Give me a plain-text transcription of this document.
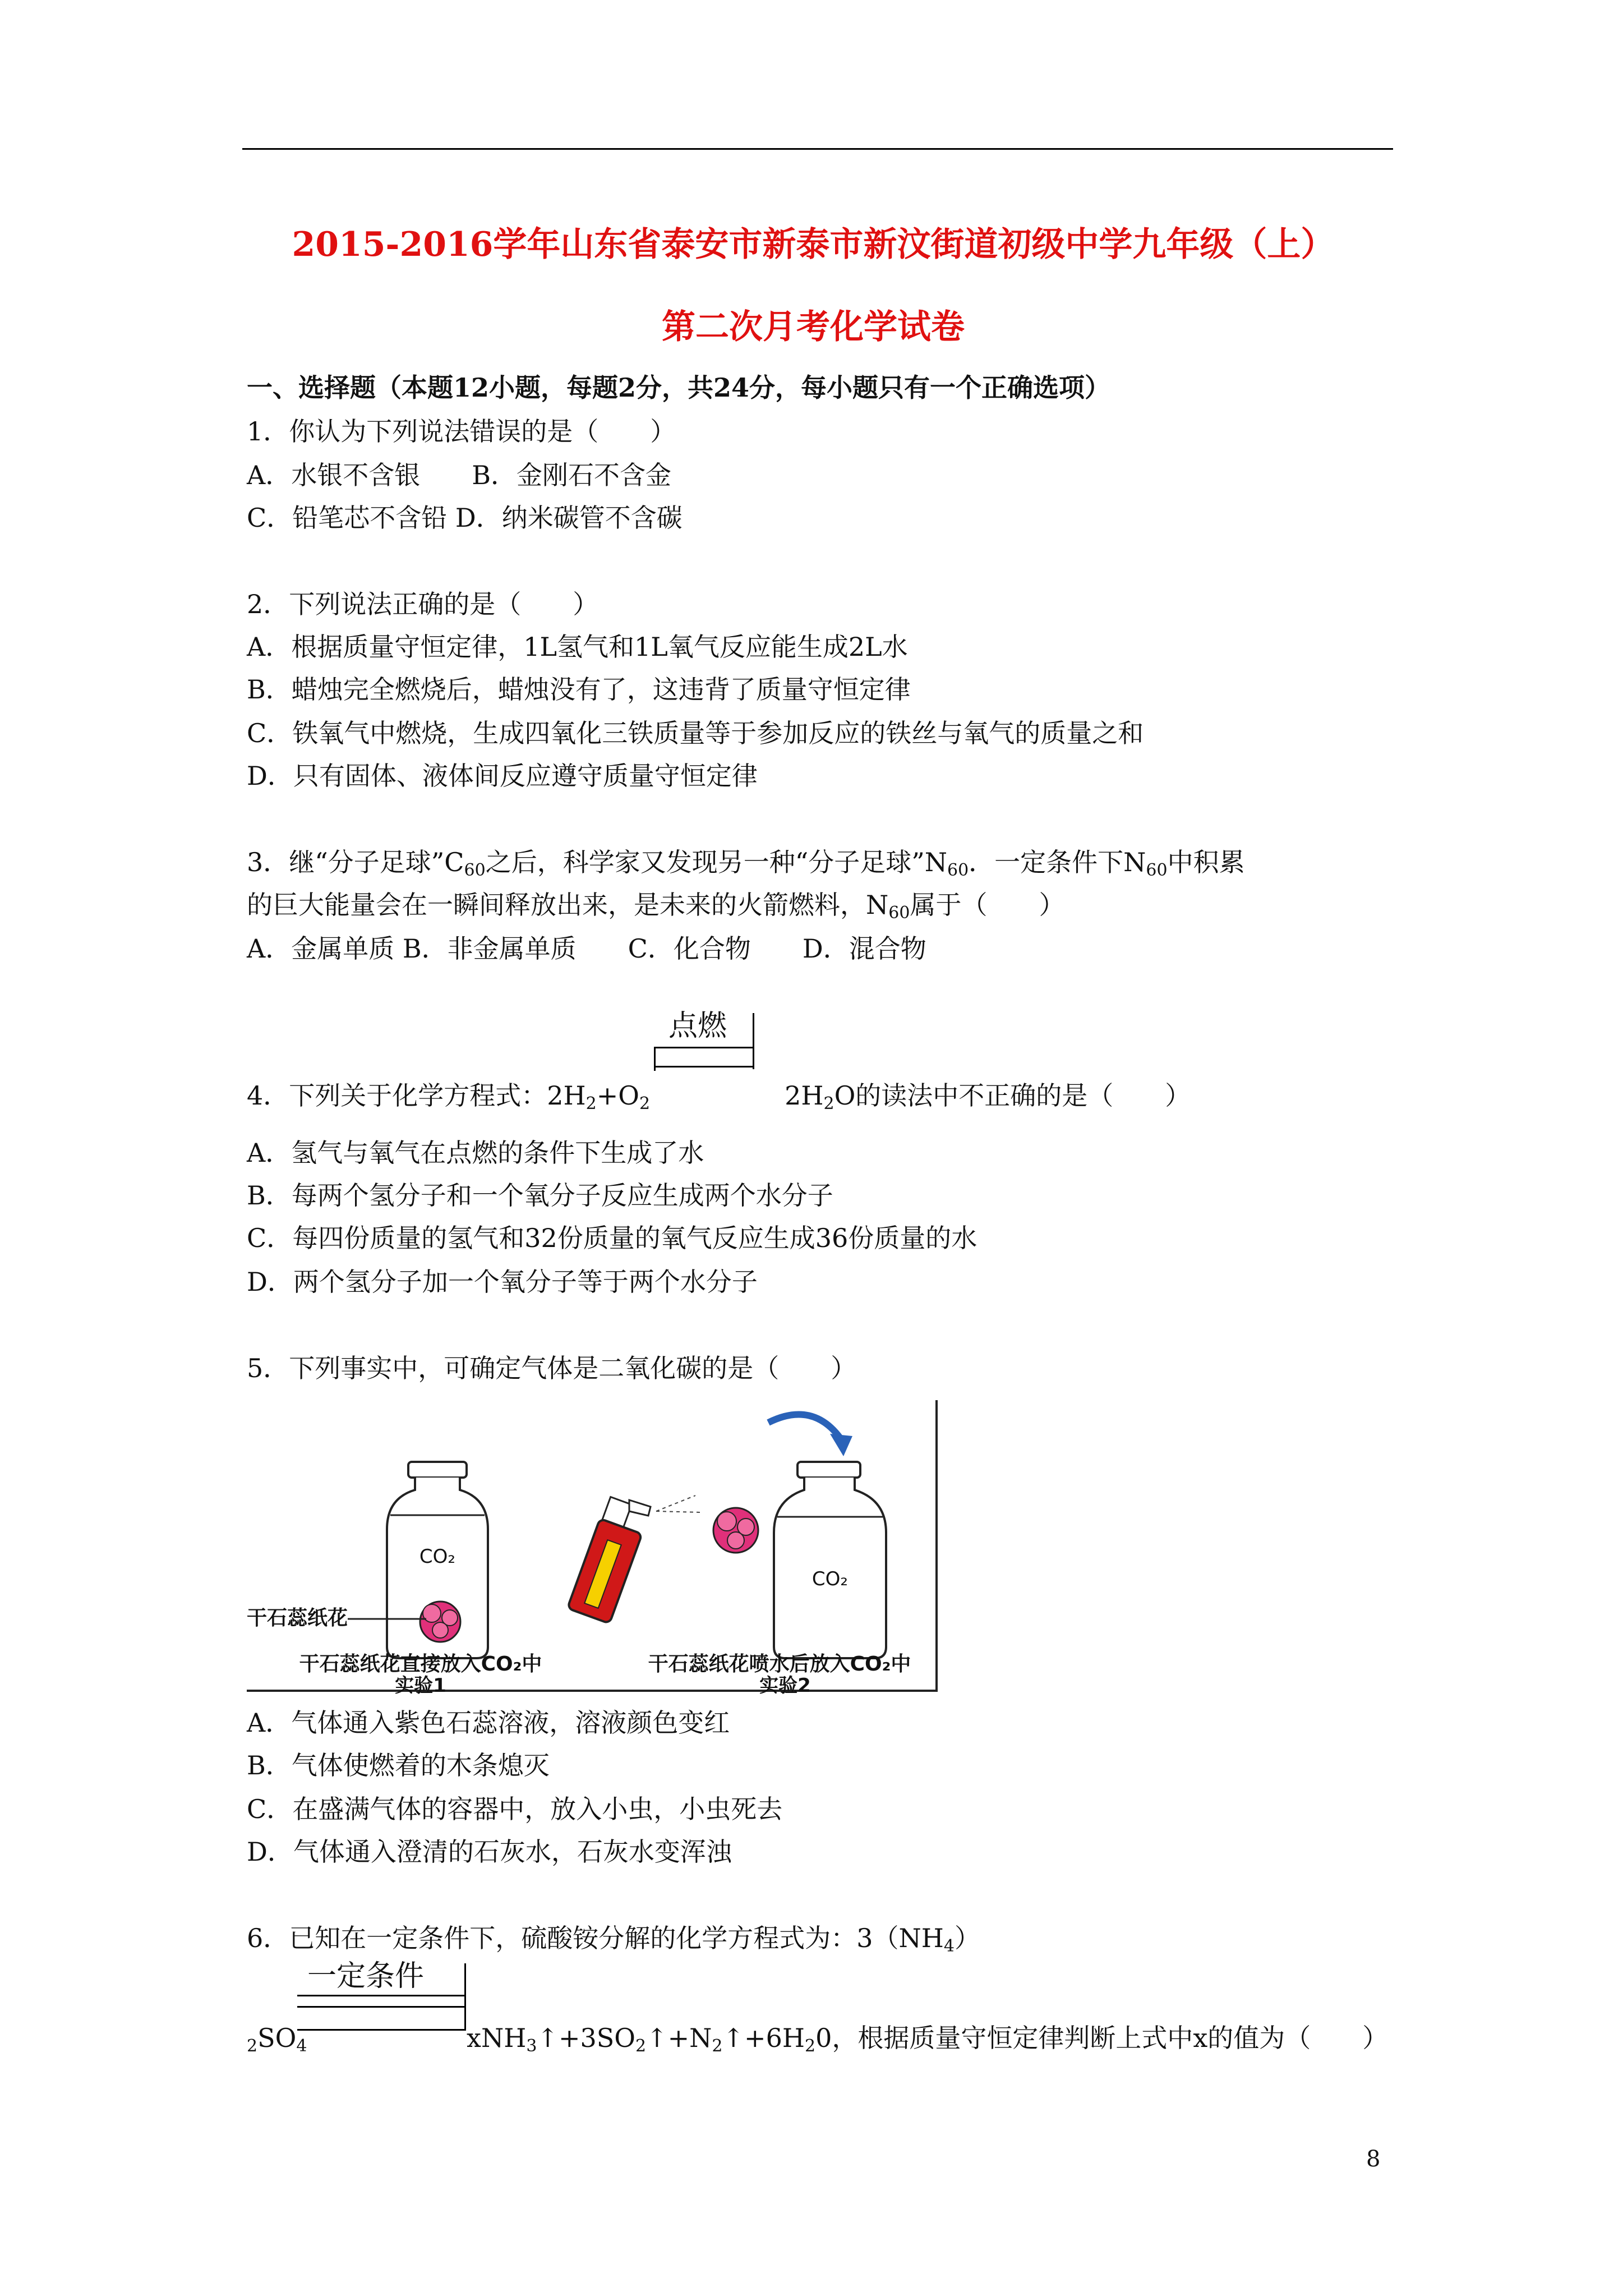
2015-2016学年山东省泰安市新泰市新汶街道初级中学九年级（上）
第二次月考化学试卷
一、选择题（本题12小题，每题2分，共24分，每小题只有一个正确选项）
1．你认为下列说法错误的是（　　）
A．水银不含银　　B．金刚石不含金
C．铅笔芯不含铅 D．纳米碳管不含碳
2．下列说法正确的是（　　）
A．根据质量守恒定律，1L氢气和1L氧气反应能生成2L水
B．蜡烛完全燃烧后，蜡烛没有了，这违背了质量守恒定律
C．铁氧气中燃烧，生成四氧化三铁质量等于参加反应的铁丝与氧气的质量之和
D．只有固体、液体间反应遵守质量守恒定律
3．继“分子足球$”C_{60}$之后，科学家又发现另一种“分子足球$”N_{60}$．一定条件下$N_{60}$中积累
的巨大能量会在一瞬间释放出来，是未来的火箭燃料，$N_{60}$属于（　　）
A．金属单质 B．非金属单质　　C．化合物　　D．混合物
点燃
4．下列关于化学方程式：$2H_2+O_2$	$2H_2O$的读法中不正确的是（　　）
A．氢气与氧气在点燃的条件下生成了水
B．每两个氢分子和一个氧分子反应生成两个水分子
C．每四份质量的氢气和32份质量的氧气反应生成36份质量的水
D．两个氢分子加一个氧分子等于两个水分子
5．下列事实中，可确定气体是二氧化碳的是（　　）
CO₂
干石蕊纸花
干石蕊纸花直接放入CO₂中
实验1
CO₂
干石蕊纸花喷水后放入CO₂中
实验2
A．气体通入紫色石蕊溶液，溶液颜色变红
B．气体使燃着的木条熄灭
C．在盛满气体的容器中，放入小虫，小虫死去
D．气体通入澄清的石灰水，石灰水变浑浊
6．已知在一定条件下，硫酸铵分解的化学方程式为：$3(NH_4)$
一定条件
$_2SO_4$	$xNH_3↑+3SO_2↑+N_2↑+6H_20$，根据质量守恒定律判断上式中x的值为（　　）
8
